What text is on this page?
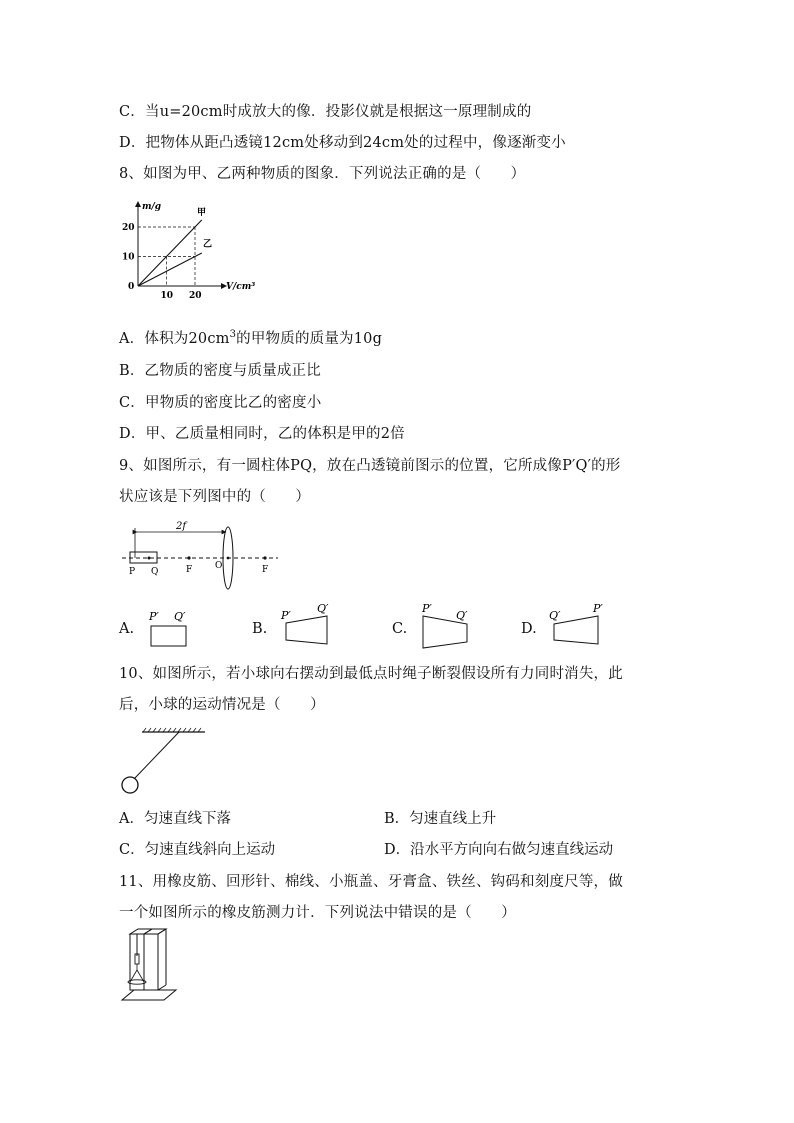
C．当u=20cm时成放大的像．投影仪就是根据这一原理制成的
D．把物体从距凸透镜12cm处移动到24cm处的过程中，像逐渐变小
8、如图为甲、乙两种物质的图象．下列说法正确的是（　　）
m/g
V/cm³
0
10
20
10 20
甲
乙
A．体积为$20cm^3$的甲物质的质量为10g
B．乙物质的密度与质量成正比
C．甲物质的密度比乙的密度小
D．甲、乙质量相同时，乙的体积是甲的2倍
9、如图所示，有一圆柱体PQ，放在凸透镜前图示的位置，它所成像P′Q′的形
状应该是下列图中的（　　）
2f
P Q	F	O	F
A.
P′ Q′
B.
P′
Q′
C.
P′
Q′
D.
Q′
P′
10、如图所示，若小球向右摆动到最低点时绳子断裂假设所有力同时消失，此
后，小球的运动情况是（　　）
A．匀速直线下落	B．匀速直线上升
C．匀速直线斜向上运动	D．沿水平方向向右做匀速直线运动
11、用橡皮筋、回形针、棉线、小瓶盖、牙膏盒、铁丝、钩码和刻度尺等，做
一个如图所示的橡皮筋测力计．下列说法中错误的是（　　）
